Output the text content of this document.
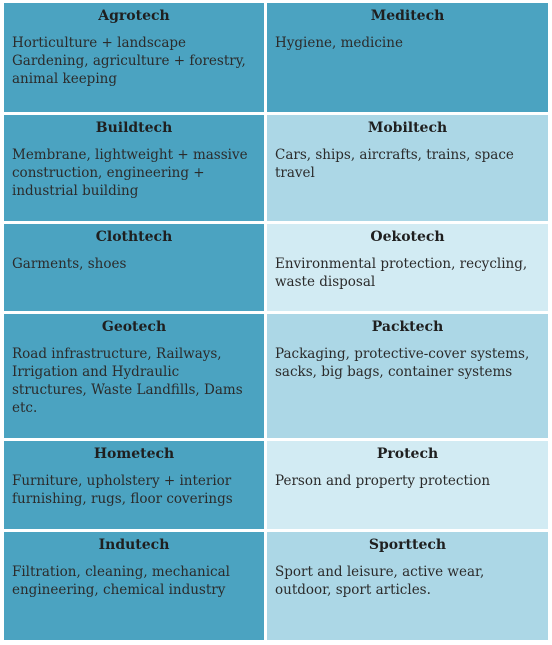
Agrotech
Horticulture + landscape Gardening, agriculture + forestry, animal keeping
Meditech
Hygiene, medicine
Buildtech
Membrane, lightweight + massive construction, engineering + industrial building
Mobiltech
Cars, ships, aircrafts, trains, space travel
Clothtech
Garments, shoes
Oekotech
Environmental protection, recycling, waste disposal
Geotech
Road infrastructure, Railways, Irrigation and Hydraulic structures, Waste Landfills, Dams etc.
Packtech
Packaging, protective-cover systems, sacks, big bags, container systems
Hometech
Furniture, upholstery + interior furnishing, rugs, floor coverings
Protech
Person and property protection
Indutech
Filtration, cleaning, mechanical engineering, chemical industry
Sporttech
Sport and leisure, active wear, outdoor, sport articles.
